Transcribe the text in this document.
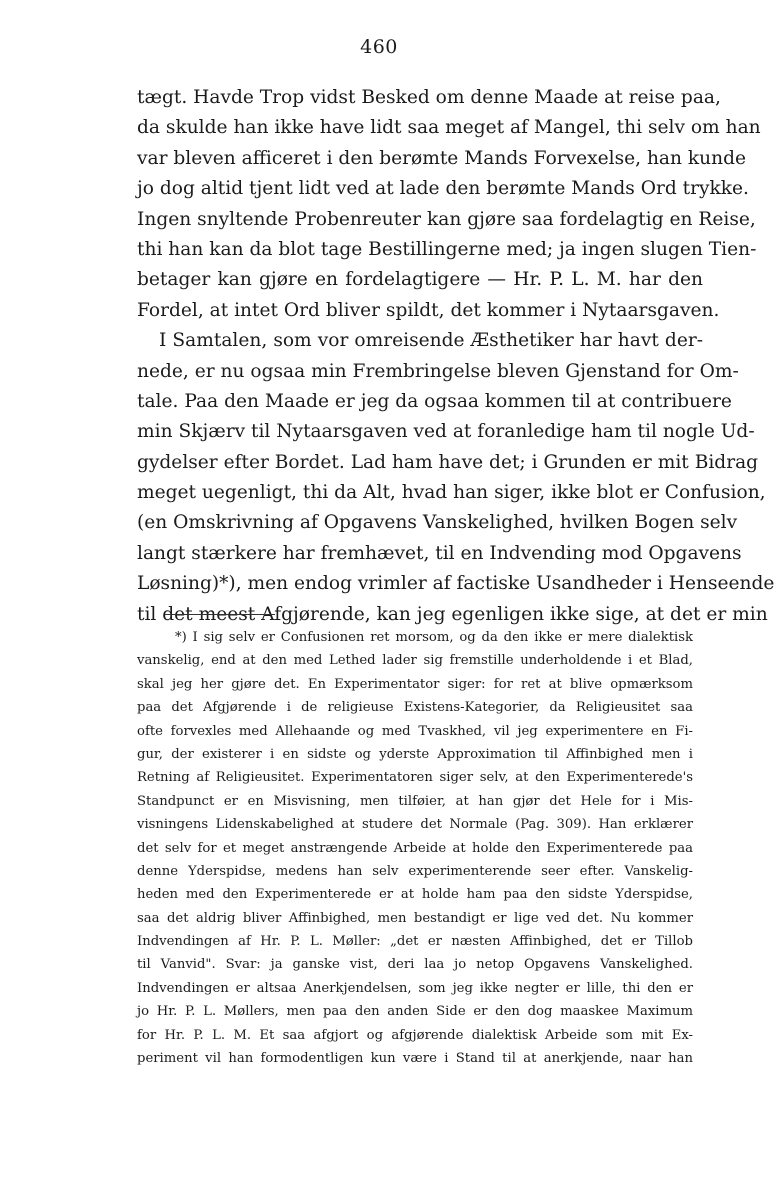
460
tægt. Havde Trop vidst Besked om denne Maade at reise paa,
da skulde han ikke have lidt saa meget af Mangel, thi selv om han
var bleven afficeret i den berømte Mands Forvexelse, han kunde
jo dog altid tjent lidt ved at lade den berømte Mands Ord trykke.
Ingen snyltende Probenreuter kan gjøre saa fordelagtig en Reise,
thi han kan da blot tage Bestillingerne med; ja ingen slugen Tien-
betager kan gjøre en fordelagtigere — Hr. P. L. M. har den
Fordel, at intet Ord bliver spildt, det kommer i Nytaarsgaven.
I Samtalen, som vor omreisende Æsthetiker har havt der-
nede, er nu ogsaa min Frembringelse bleven Gjenstand for Om-
tale. Paa den Maade er jeg da ogsaa kommen til at contribuere
min Skjærv til Nytaarsgaven ved at foranledige ham til nogle Ud-
gydelser efter Bordet. Lad ham have det; i Grunden er mit Bidrag
meget uegenligt, thi da Alt, hvad han siger, ikke blot er Confusion,
(en Omskrivning af Opgavens Vanskelighed, hvilken Bogen selv
langt stærkere har fremhævet, til en Indvending mod Opgavens
Løsning)*), men endog vrimler af factiske Usandheder i Henseende
til det meest Afgjørende, kan jeg egenligen ikke sige, at det er min
*) I sig selv er Confusionen ret morsom, og da den ikke er mere dialektisk
vanskelig, end at den med Lethed lader sig fremstille underholdende i et Blad,
skal jeg her gjøre det. En Experimentator siger: for ret at blive opmærksom
paa det Afgjørende i de religieuse Existens-Kategorier, da Religieusitet saa
ofte forvexles med Allehaande og med Tvaskhed, vil jeg experimentere en Fi-
gur, der existerer i en sidste og yderste Approximation til Affinbighed men i
Retning af Religieusitet. Experimentatoren siger selv, at den Experimenterede's
Standpunct er en Misvisning, men tilføier, at han gjør det Hele for i Mis-
visningens Lidenskabelighed at studere det Normale (Pag. 309). Han erklærer
det selv for et meget anstrængende Arbeide at holde den Experimenterede paa
denne Yderspidse, medens han selv experimenterende seer efter. Vanskelig-
heden med den Experimenterede er at holde ham paa den sidste Yderspidse,
saa det aldrig bliver Affinbighed, men bestandigt er lige ved det. Nu kommer
Indvendingen af Hr. P. L. Møller: „det er næsten Affinbighed, det er Tillob
til Vanvid". Svar: ja ganske vist, deri laa jo netop Opgavens Vanskelighed.
Indvendingen er altsaa Anerkjendelsen, som jeg ikke negter er lille, thi den er
jo Hr. P. L. Møllers, men paa den anden Side er den dog maaskee Maximum
for Hr. P. L. M. Et saa afgjort og afgjørende dialektisk Arbeide som mit Ex-
periment vil han formodentligen kun være i Stand til at anerkjende, naar han
